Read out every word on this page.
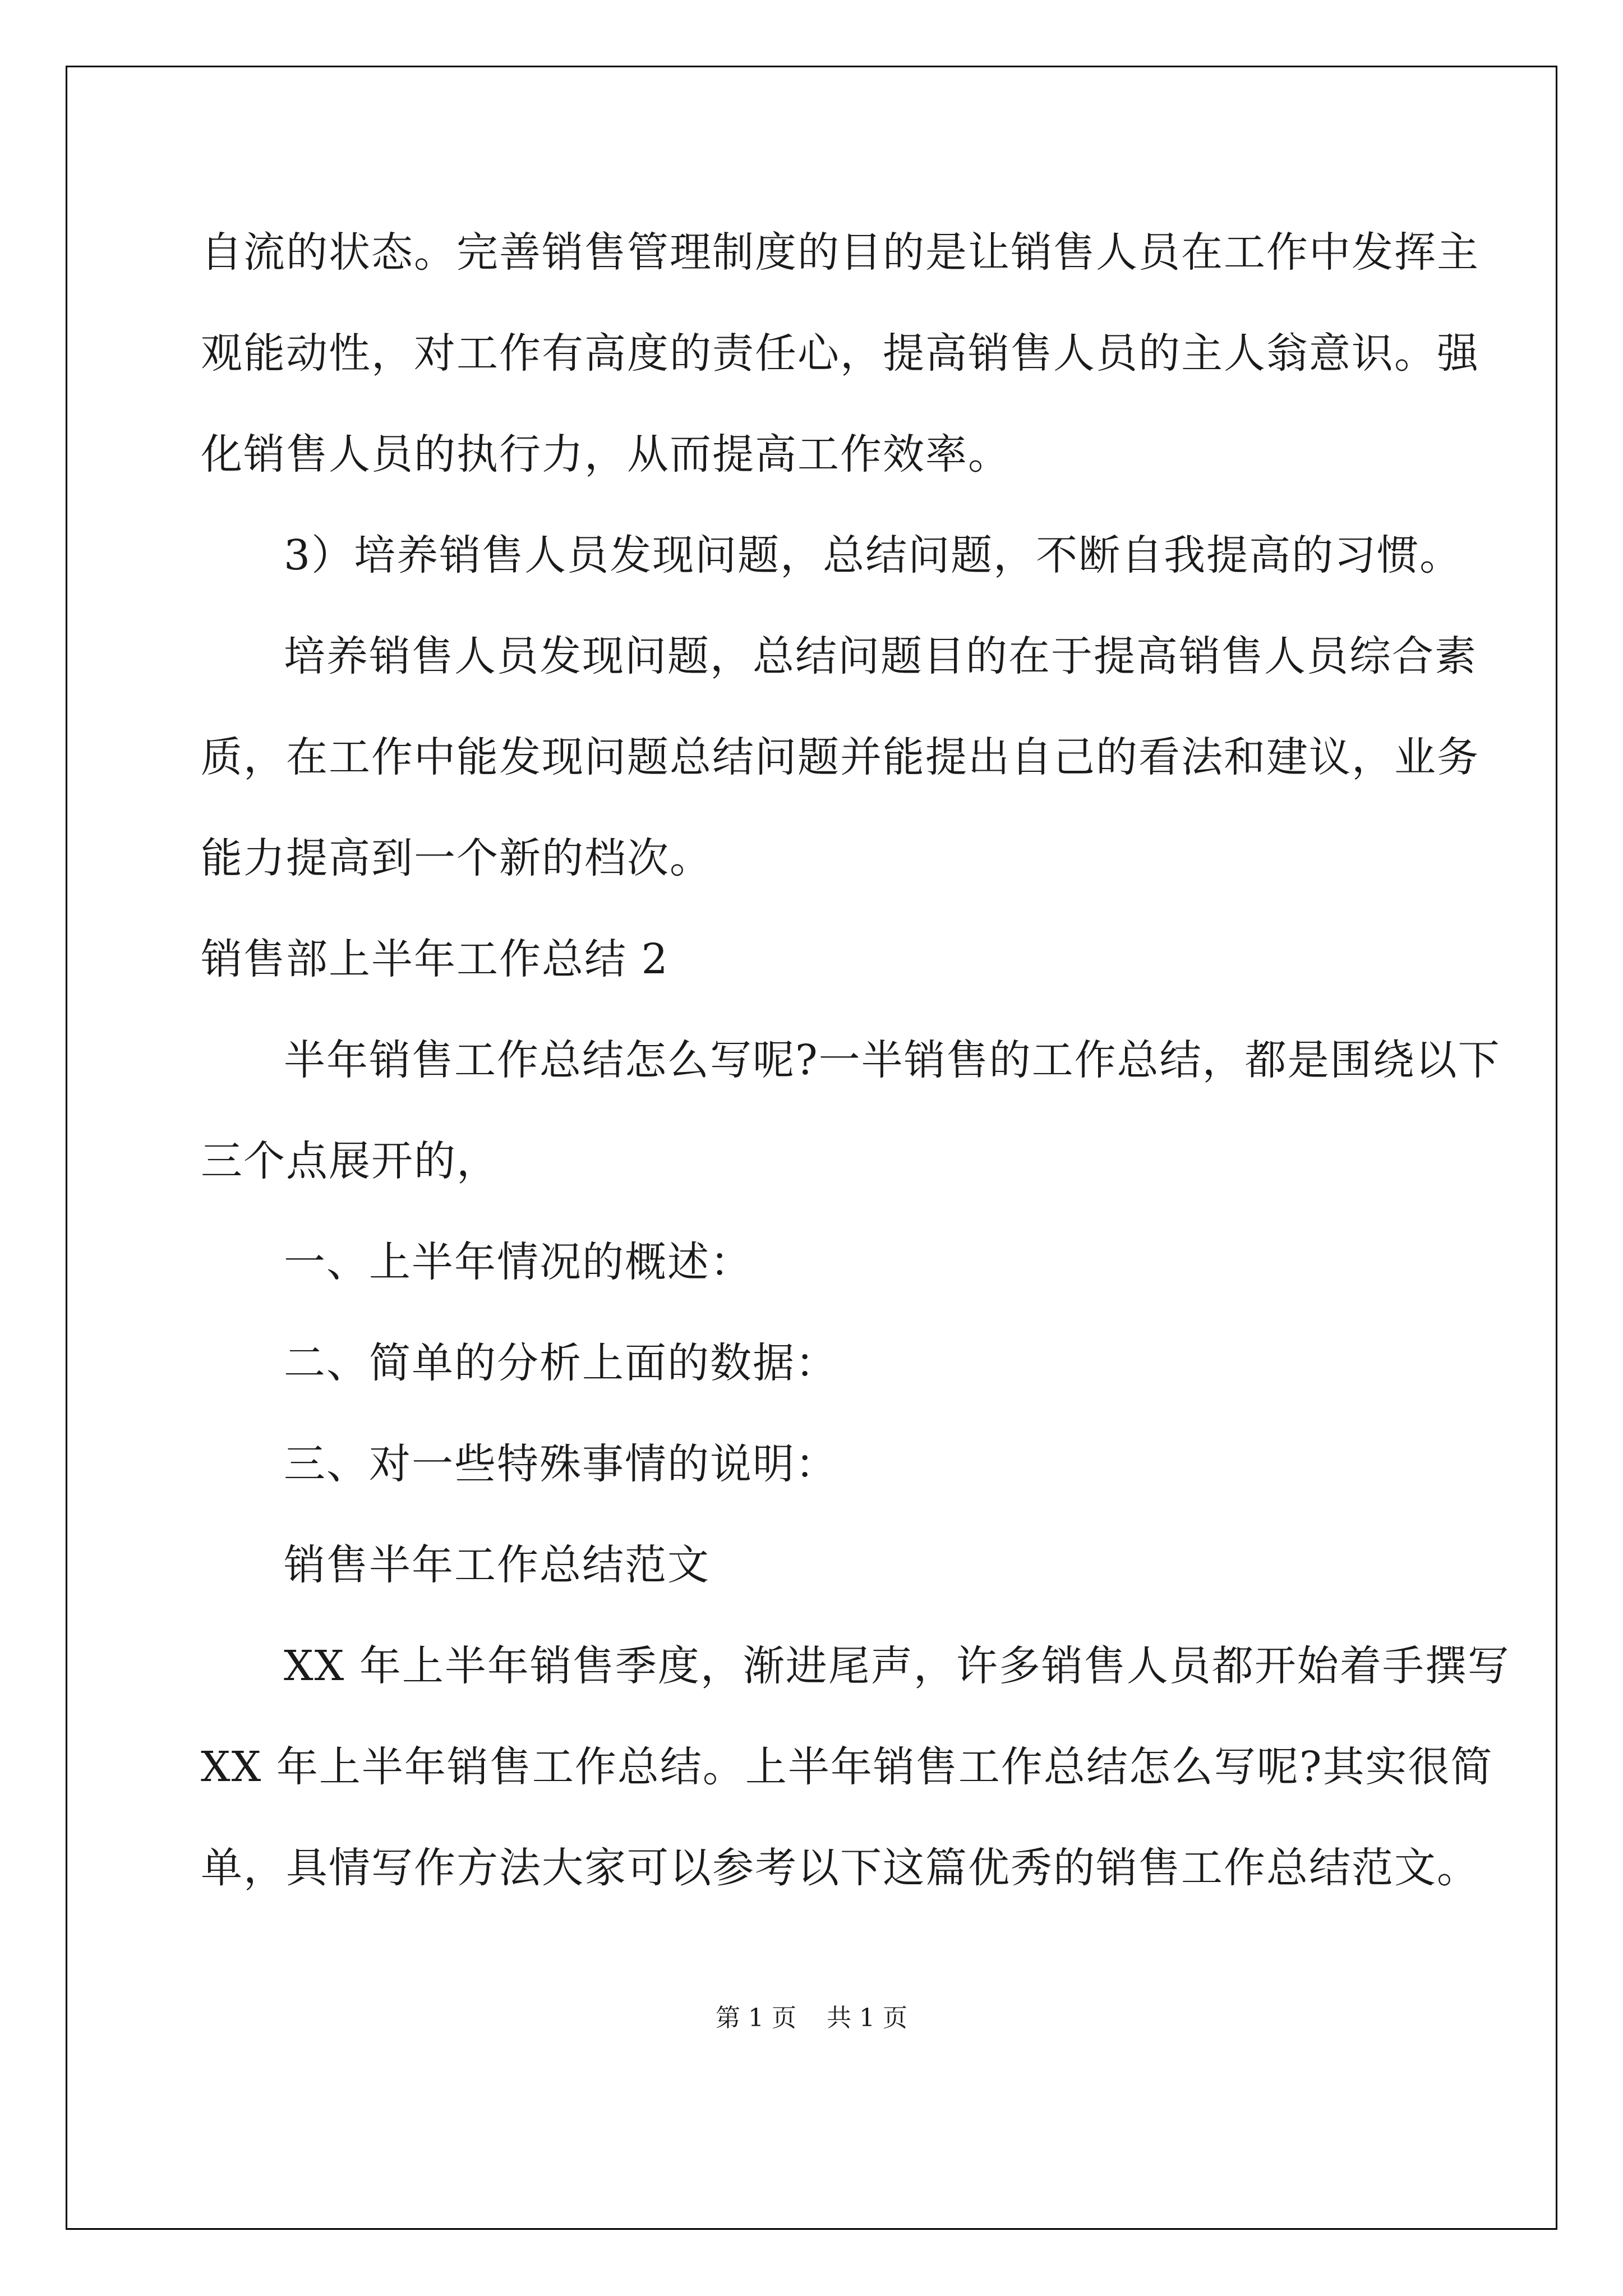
自流的状态。完善销售管理制度的目的是让销售人员在工作中发挥主
观能动性，对工作有高度的责任心，提高销售人员的主人翁意识。强
化销售人员的执行力，从而提高工作效率。
3）培养销售人员发现问题，总结问题，不断自我提高的习惯。
培养销售人员发现问题，总结问题目的在于提高销售人员综合素
质，在工作中能发现问题总结问题并能提出自己的看法和建议，业务
能力提高到一个新的档次。
销售部上半年工作总结 2
半年销售工作总结怎么写呢?一半销售的工作总结，都是围绕以下
三个点展开的，
一、上半年情况的概述：
二、简单的分析上面的数据：
三、对一些特殊事情的说明：
销售半年工作总结范文
XX 年上半年销售季度，渐进尾声，许多销售人员都开始着手撰写
XX 年上半年销售工作总结。上半年销售工作总结怎么写呢?其实很简
单，具情写作方法大家可以参考以下这篇优秀的销售工作总结范文。
第 1 页 共 1 页
